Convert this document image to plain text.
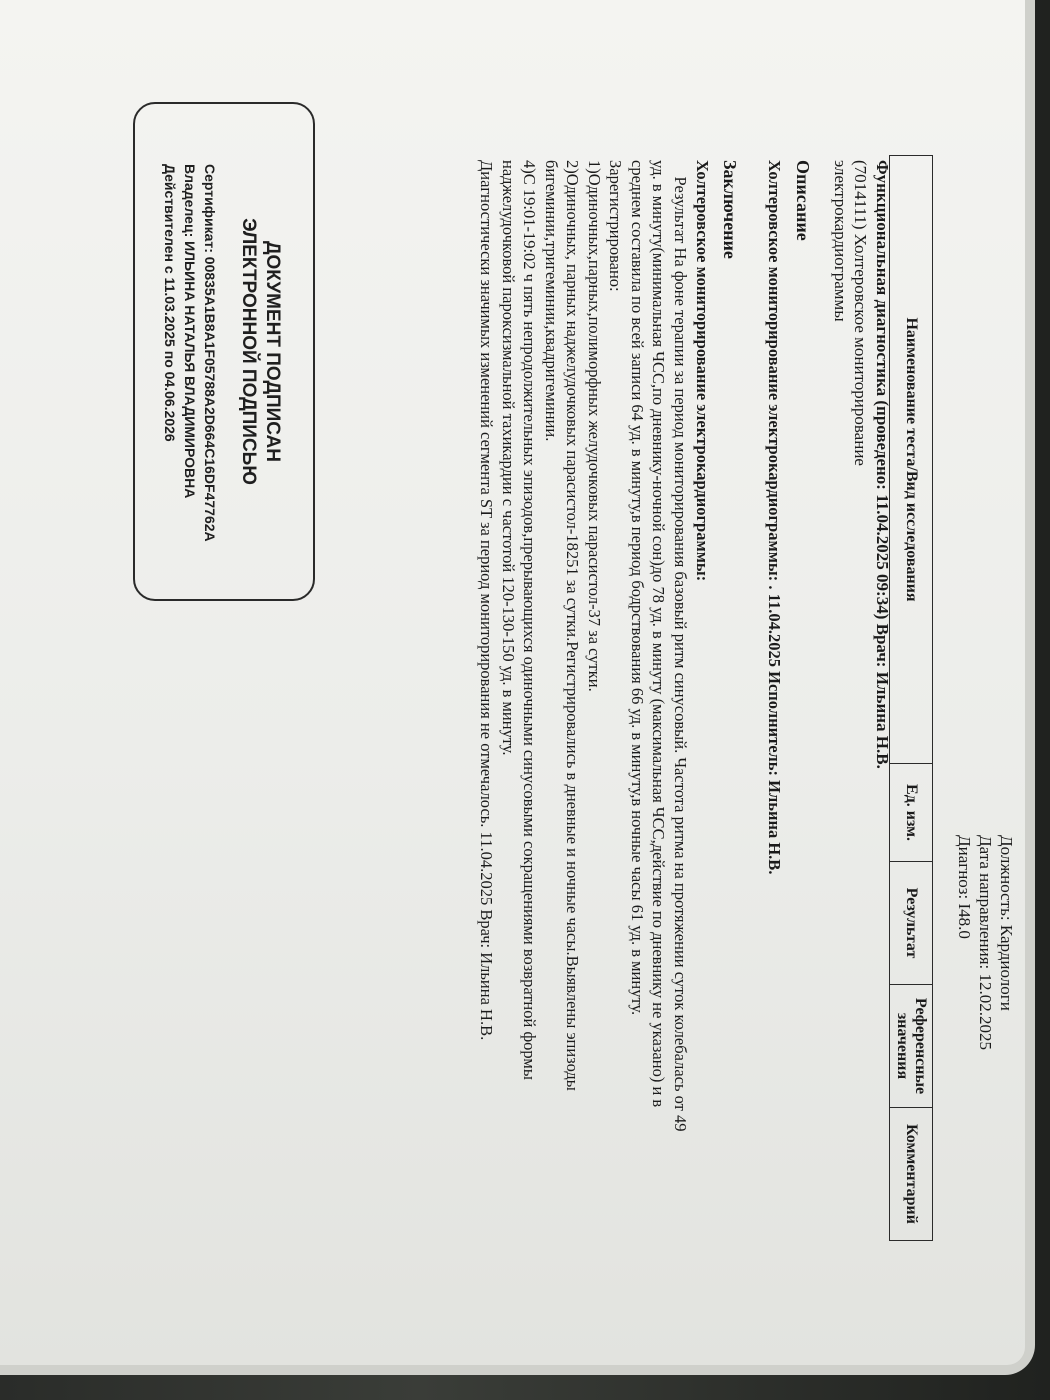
Должность: Кардиологи
Дата направления: 12.02.2025
Диагноз: I48.0
Наименование теста/Вид исследования	Ед. изм.	Результат	Референсные значения	Комментарий
Функциональная диагностика (проведено: 11.04.2025 09:34) Врач: Ильина Н.В.
(7014111) Холтеровское мониторирование
электрокардиограммы
Описание
Холтеровское мониторирование электрокардиограммы: . 11.04.2025 Исполнитель: Ильина Н.В.
Заключение
Холтеровское мониторирование электрокардиограммы:
Результат На фоне терапии за период мониторирования базовый ритм синусовый. Частота ритма на протяжении суток колебалась от 49
уд. в минуту(минимальная ЧСС,по дневнику-ночной сон)до 78 уд. в минуту (максимальная ЧСС,действие по дневнику не указано) и в
среднем составила по всей записи 64 уд. в минуту,в период бодрствования 66 уд. в минуту,в ночные часы 61 уд. в минуту.
Зарегистрировано:
1)Одиночных,парных,полиморфных желудочковых парасистол-37 за сутки.
2)Одиночных, парных наджелудочковых парасистол-18251 за сутки.Регистрировались в дневные и ночные часы.Выявлены эпизоды
бигеминии,тригеминии,квадригеминии.
4)С 19:01-19:02 ч пять непродолжительных эпизодов,прерывающихся одиночными синусовыми сокращениями возвратной формы
наджелудочковой пароксизмальной тахикардии с частотой 120-130-150 уд. в минуту.
Диагностически значимых изменений сегмента ST за период мониторирования не отмечалось. 11.04.2025 Врач: Ильина Н.В.
ДОКУМЕНТ ПОДПИСАН
ЭЛЕКТРОННОЙ ПОДПИСЬЮ
Сертификат: 00835A1B8A1F05788A2D664C16DF47762A
Владелец: ИЛЬИНА НАТАЛЬЯ ВЛАДИМИРОВНА
Действителен с 11.03.2025 по 04.06.2026
